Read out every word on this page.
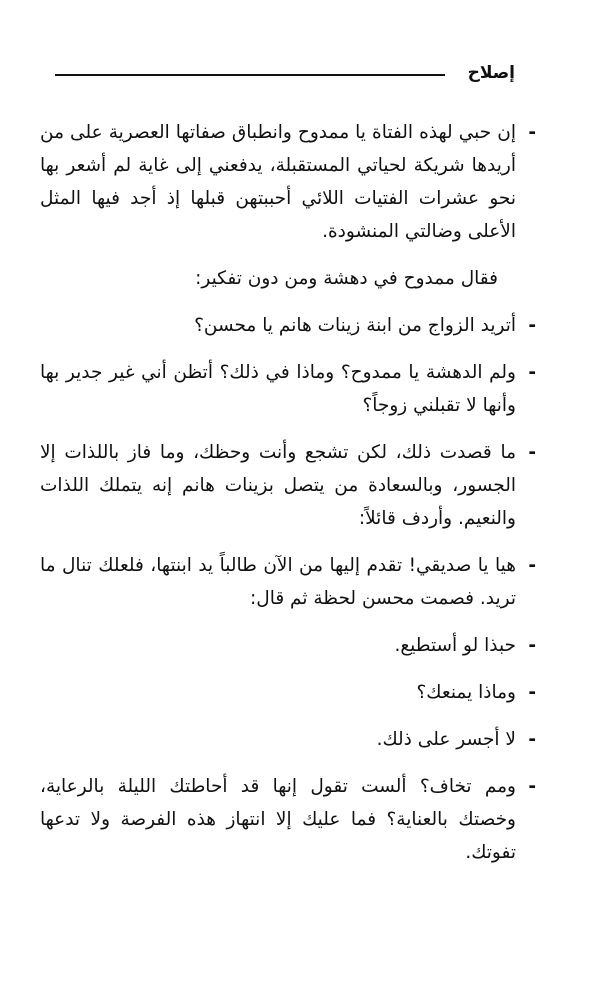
إصلاح

-
إن حبي لهذه الفتاة يا ممدوح وانطباق صفاتها العصرية على من أريدها شريكة لحياتي المستقبلة، يدفعني إلى غاية لم أشعر بها نحو عشرات الفتيات اللائي أحببتهن قبلها إذ أجد فيها المثل الأعلى وضالتي المنشودة.

فقال ممدوح في دهشة ومن دون تفكير:

-
أتريد الزواج من ابنة زينات هانم يا محسن؟

-
ولم الدهشة يا ممدوح؟ وماذا في ذلك؟ أتظن أني غير جدير بها وأنها لا تقبلني زوجاً؟

-
ما قصدت ذلك، لكن تشجع وأنت وحظك، وما فاز باللذات إلا الجسور، وبالسعادة من يتصل بزينات هانم إنه يتملك اللذات والنعيم. وأردف قائلاً:

-
هيا يا صديقي! تقدم إليها من الآن طالباً يد ابنتها، فلعلك تنال ما تريد. فصمت محسن لحظة ثم قال:

-
حبذا لو أستطيع.

-
وماذا يمنعك؟

-
لا أجسر على ذلك.

-
ومم تخاف؟ ألست تقول إنها قد أحاطتك الليلة بالرعاية، وخصتك بالعناية؟ فما عليك إلا انتهاز هذه الفرصة ولا تدعها تفوتك.
